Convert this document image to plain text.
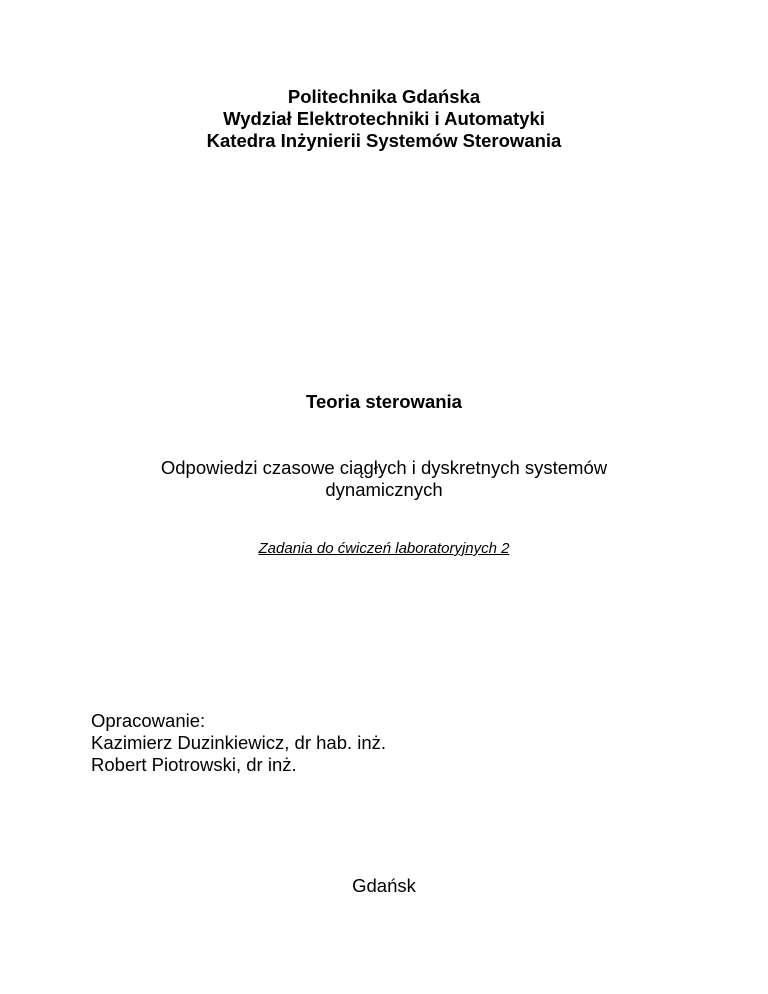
Politechnika Gdańska
Wydział Elektrotechniki i Automatyki
Katedra Inżynierii Systemów Sterowania
Teoria sterowania
Odpowiedzi czasowe ciągłych i dyskretnych systemów
dynamicznych
Zadania do ćwiczeń laboratoryjnych 2
Opracowanie:
Kazimierz Duzinkiewicz, dr hab. inż.
Robert Piotrowski, dr inż.
Gdańsk
